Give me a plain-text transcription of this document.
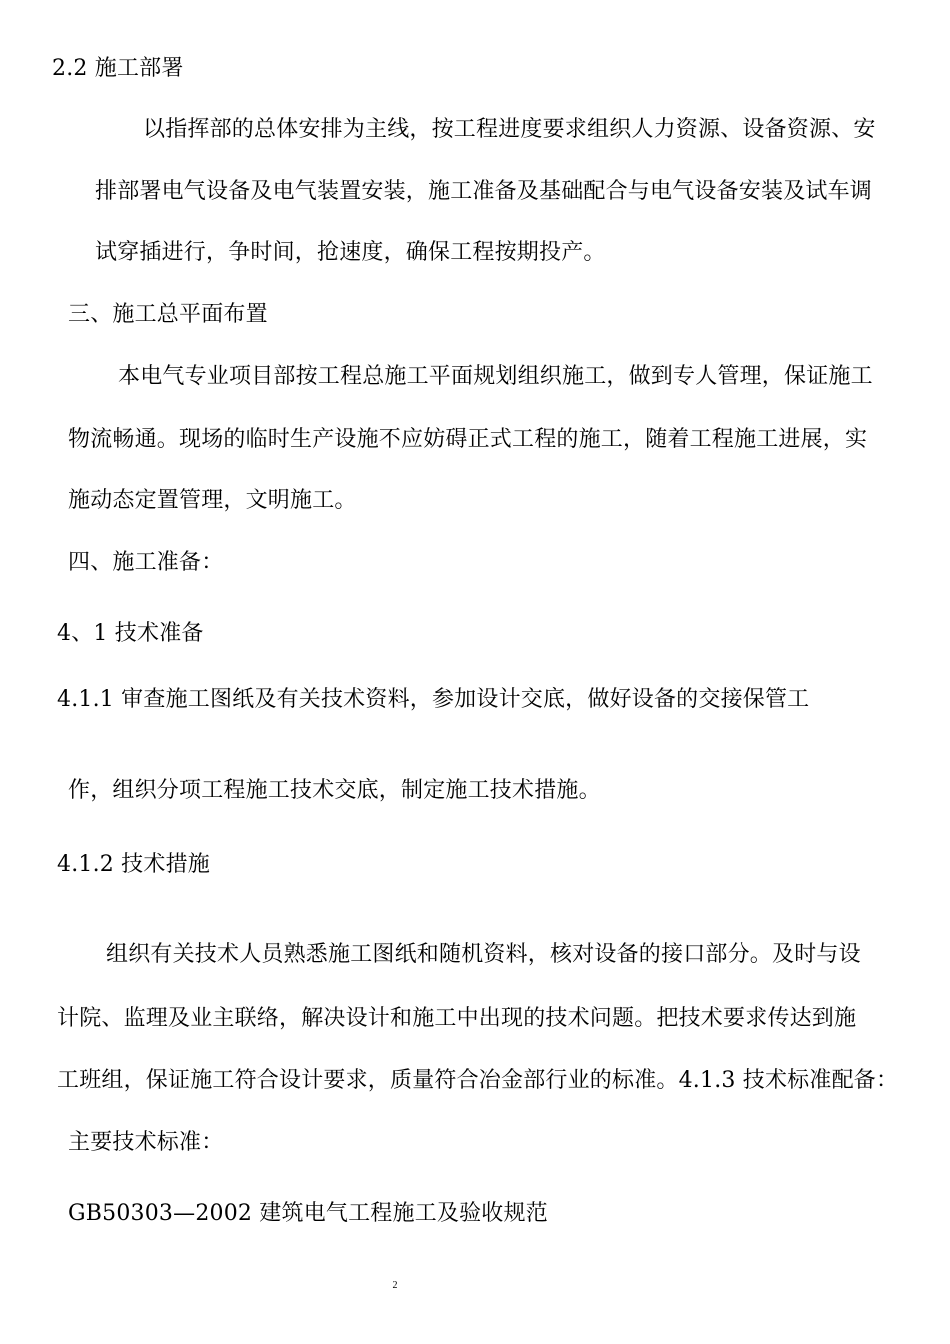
2.2 施工部署
以指挥部的总体安排为主线，按工程进度要求组织人力资源、设备资源、安
排部署电气设备及电气装置安装，施工准备及基础配合与电气设备安装及试车调
试穿插进行，争时间，抢速度，确保工程按期投产。
三、施工总平面布置
本电气专业项目部按工程总施工平面规划组织施工，做到专人管理，保证施工
物流畅通。现场的临时生产设施不应妨碍正式工程的施工，随着工程施工进展，实
施动态定置管理，文明施工。
四、施工准备：
4、1 技术准备
4.1.1 审查施工图纸及有关技术资料，参加设计交底，做好设备的交接保管工
作，组织分项工程施工技术交底，制定施工技术措施。
4.1.2 技术措施
组织有关技术人员熟悉施工图纸和随机资料，核对设备的接口部分。及时与设
计院、监理及业主联络，解决设计和施工中出现的技术问题。把技术要求传达到施
工班组，保证施工符合设计要求，质量符合冶金部行业的标准。4.1.3 技术标准配备：
主要技术标准：
GB50303—2002 建筑电气工程施工及验收规范
2
